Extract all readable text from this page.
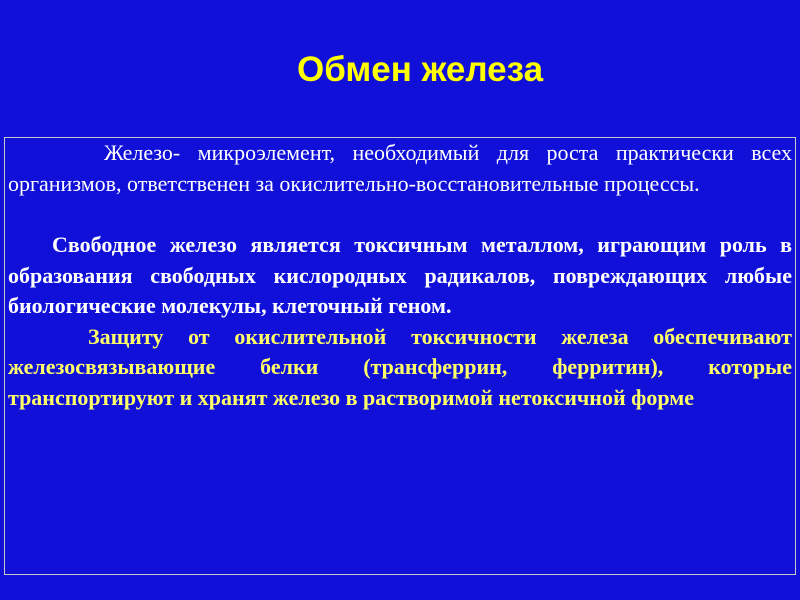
Обмен железа

Железо- микроэлемент, необходимый для роста практически всех организмов, ответственен за окислительно-восстановительные процессы.

Свободное железо является токсичным металлом, играющим роль в образования свободных кислородных радикалов, повреждающих любые биологические молекулы, клеточный геном.

Защиту от окислительной токсичности железа обеспечивают железосвязывающие белки (трансферрин, ферритин), которые транспортируют и хранят железо в растворимой нетоксичной форме
